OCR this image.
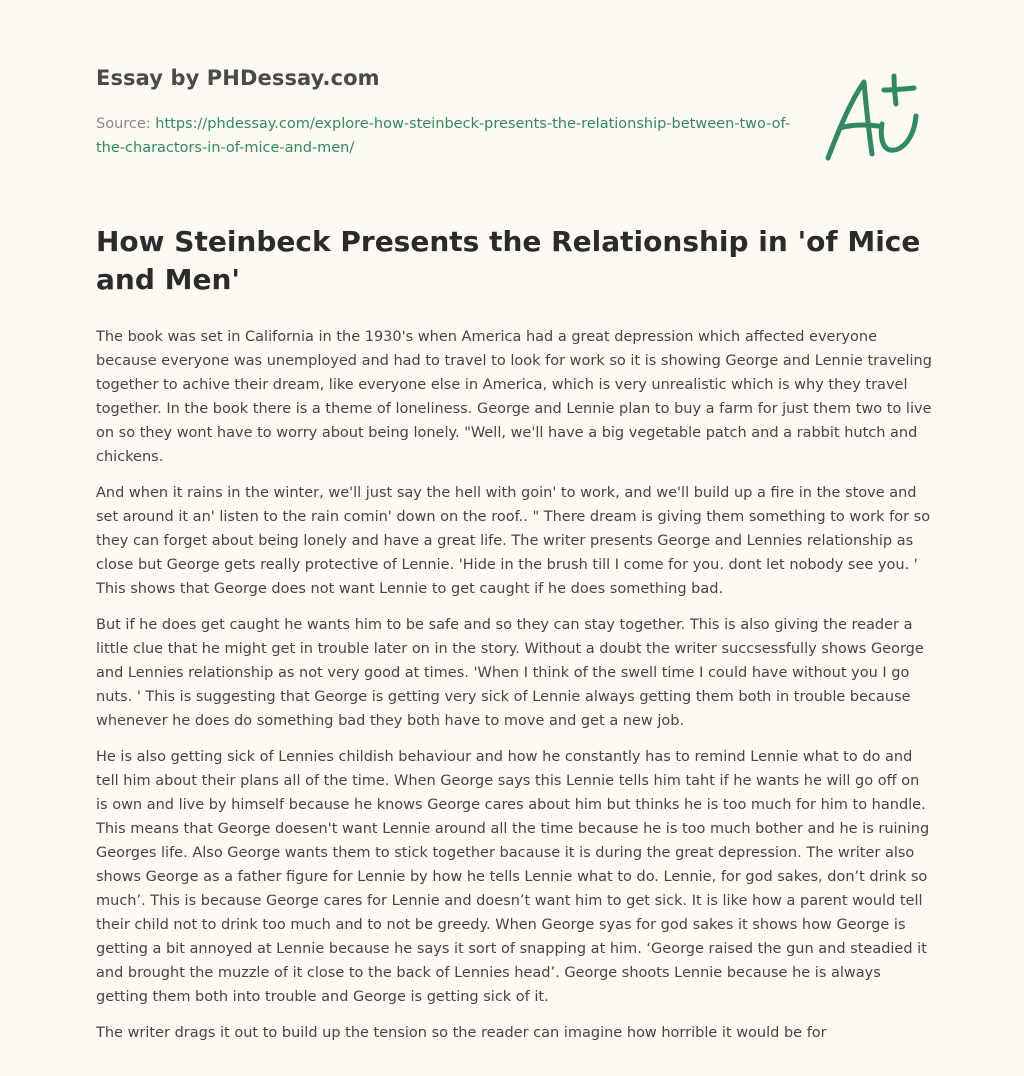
Essay by PHDessay.com
Source: https://phdessay.com/explore-how-steinbeck-presents-the-relationship-between-two-of-the-charactors-in-of-mice-and-men/
How Steinbeck Presents the Relationship in 'of Mice and Men'

The book was set in California in the 1930's when America had a great depression which affected everyone because everyone was unemployed and had to travel to look for work so it is showing George and Lennie traveling together to achive their dream, like everyone else in America, which is very unrealistic which is why they travel together. In the book there is a theme of loneliness. George and Lennie plan to buy a farm for just them two to live on so they wont have to worry about being lonely. "Well, we'll have a big vegetable patch and a rabbit hutch and chickens.

And when it rains in the winter, we'll just say the hell with goin' to work, and we'll build up a fire in the stove and set around it an' listen to the rain comin' down on the roof.. " There dream is giving them something to work for so they can forget about being lonely and have a great life. The writer presents George and Lennies relationship as close but George gets really protective of Lennie. 'Hide in the brush till I come for you. dont let nobody see you. ' This shows that George does not want Lennie to get caught if he does something bad.

But if he does get caught he wants him to be safe and so they can stay together. This is also giving the reader a little clue that he might get in trouble later on in the story. Without a doubt the writer succsessfully shows George and Lennies relationship as not very good at times. 'When I think of the swell time I could have without you I go nuts. ' This is suggesting that George is getting very sick of Lennie always getting them both in trouble because whenever he does do something bad they both have to move and get a new job.

He is also getting sick of Lennies childish behaviour and how he constantly has to remind Lennie what to do and tell him about their plans all of the time. When George says this Lennie tells him taht if he wants he will go off on is own and live by himself because he knows George cares about him but thinks he is too much for him to handle. This means that George doesen't want Lennie around all the time because he is too much bother and he is ruining Georges life. Also George wants them to stick together bacause it is during the great depression. The writer also shows George as a father figure for Lennie by how he tells Lennie what to do. Lennie, for god sakes, don’t drink so much’. This is because George cares for Lennie and doesn’t want him to get sick. It is like how a parent would tell their child not to drink too much and to not be greedy. When George syas for god sakes it shows how George is getting a bit annoyed at Lennie because he says it sort of snapping at him. ‘George raised the gun and steadied it and brought the muzzle of it close to the back of Lennies head’. George shoots Lennie because he is always getting them both into trouble and George is getting sick of it.

The writer drags it out to build up the tension so the reader can imagine how horrible it would be for
